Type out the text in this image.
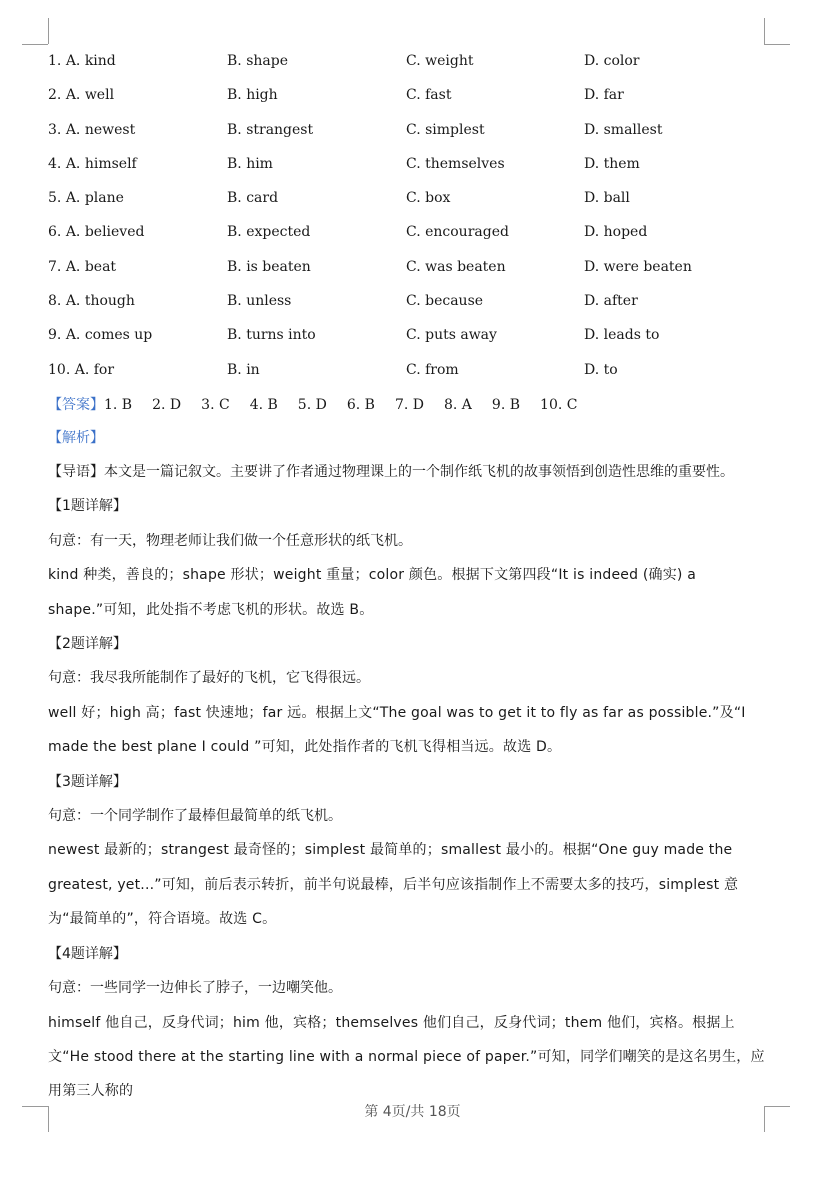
1. A. kind	B. shape	C. weight	D. color
2. A. well	B. high	C. fast	D. far
3. A. newest	B. strangest	C. simplest	D. smallest
4. A. himself	B. him	C. themselves	D. them
5. A. plane	B. card	C. box	D. ball
6. A. believed	B. expected	C. encouraged	D. hoped
7. A. beat	B. is beaten	C. was beaten	D. were beaten
8. A. though	B. unless	C. because	D. after
9. A. comes up	B. turns into	C. puts away	D. leads to
10. A. for	B. in	C. from	D. to
【答案】1. B 2. D 3. C 4. B 5. D 6. B 7. D 8. A 9. B 10. C
【解析】

【导语】本文是一篇记叙文。主要讲了作者通过物理课上的一个制作纸飞机的故事领悟到创造性思维的重要性。

【1题详解】

句意：有一天，物理老师让我们做一个任意形状的纸飞机。

kind 种类，善良的；shape 形状；weight 重量；color 颜色。根据下文第四段“It is indeed (确实) a shape.”可知，此处指不考虑飞机的形状。故选 B。

【2题详解】

句意：我尽我所能制作了最好的飞机，它飞得很远。

well 好；high 高；fast 快速地；far 远。根据上文“The goal was to get it to fly as far as possible.”及“I made the best plane I could ”可知，此处指作者的飞机飞得相当远。故选 D。

【3题详解】

句意：一个同学制作了最棒但最简单的纸飞机。

newest 最新的；strangest 最奇怪的；simplest 最简单的；smallest 最小的。根据“One guy made the greatest, yet...”可知，前后表示转折，前半句说最棒，后半句应该指制作上不需要太多的技巧，simplest 意为“最简单的”，符合语境。故选 C。

【4题详解】

句意：一些同学一边伸长了脖子，一边嘲笑他。

himself 他自己，反身代词；him 他，宾格；themselves 他们自己，反身代词；them 他们，宾格。根据上文“He stood there at the starting line with a normal piece of paper.”可知，同学们嘲笑的是这名男生，应用第三人称的

第 4页/共 18页
